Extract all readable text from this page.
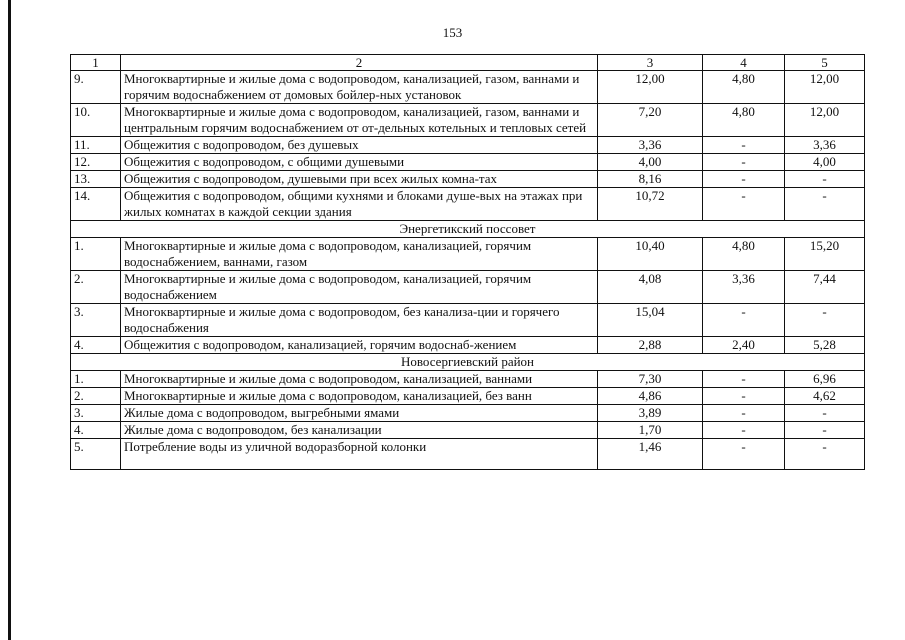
153
1	2	3	4	5
9.	Многоквартирные и жилые дома с водопроводом, канализацией, газом, ваннами и горячим водоснабжением от домовых бойлер-ных установок	12,00	4,80	12,00
10.	Многоквартирные и жилые дома с водопроводом, канализацией, газом, ваннами и центральным горячим водоснабжением от от-дельных котельных и тепловых сетей	7,20	4,80	12,00
11.	Общежития с водопроводом, без душевых	3,36	-	3,36
12.	Общежития с водопроводом, с общими душевыми	4,00	-	4,00
13.	Общежития с водопроводом, душевыми при всех жилых комна-тах	8,16	-	-
14.	Общежития с водопроводом, общими кухнями и блоками душе-вых на этажах при жилых комнатах в каждой секции здания	10,72	-	-
Энергетикский поссовет				
1.	Многоквартирные и жилые дома с водопроводом, канализацией, горячим водоснабжением, ваннами, газом	10,40	4,80	15,20
2.	Многоквартирные и жилые дома с водопроводом, канализацией, горячим водоснабжением	4,08	3,36	7,44
3.	Многоквартирные и жилые дома с водопроводом, без канализа-ции и горячего водоснабжения	15,04	-	-
4.	Общежития с водопроводом, канализацией, горячим водоснаб-жением	2,88	2,40	5,28
Новосергиевский район				
1.	Многоквартирные и жилые дома с водопроводом, канализацией, ваннами	7,30	-	6,96
2.	Многоквартирные и жилые дома с водопроводом, канализацией, без ванн	4,86	-	4,62
3.	Жилые дома с водопроводом, выгребными ямами	3,89	-	-
4.	Жилые дома с водопроводом, без канализации	1,70	-	-
5.	Потребление воды из уличной водоразборной колонки	1,46	-	-
